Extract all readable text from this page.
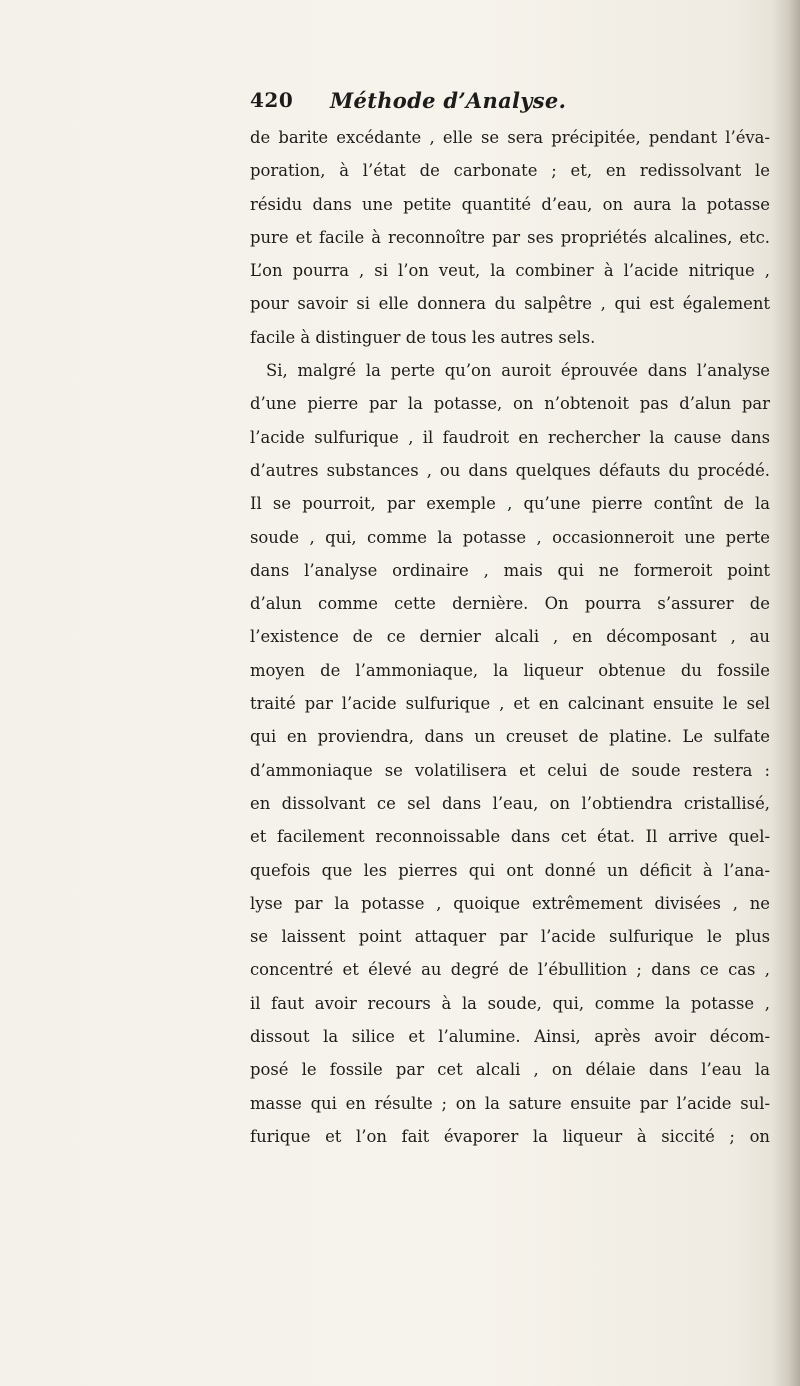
420 Méthode d’Analyse.
de barite excédante , elle se sera précipitée, pendant l’éva-
poration, à l’état de carbonate ; et, en redissolvant le
résidu dans une petite quantité d’eau, on aura la potasse
pure et facile à reconnoître par ses propriétés alcalines, etc.
L’on pourra , si l’on veut, la combiner à l’acide nitrique ,
pour savoir si elle donnera du salpêtre , qui est également
facile à distinguer de tous les autres sels.
Si, malgré la perte qu’on auroit éprouvée dans l’analyse
d’une pierre par la potasse, on n’obtenoit pas d’alun par
l’acide sulfurique , il faudroit en rechercher la cause dans
d’autres substances , ou dans quelques défauts du procédé.
Il se pourroit, par exemple , qu’une pierre contînt de la
soude , qui, comme la potasse , occasionneroit une perte
dans l’analyse ordinaire , mais qui ne formeroit point
d’alun comme cette dernière. On pourra s’assurer de
l’existence de ce dernier alcali , en décomposant , au
moyen de l’ammoniaque, la liqueur obtenue du fossile
traité par l’acide sulfurique , et en calcinant ensuite le sel
qui en proviendra, dans un creuset de platine. Le sulfate
d’ammoniaque se volatilisera et celui de soude restera :
en dissolvant ce sel dans l’eau, on l’obtiendra cristallisé,
et facilement reconnoissable dans cet état. Il arrive quel-
quefois que les pierres qui ont donné un déficit à l’ana-
lyse par la potasse , quoique extrêmement divisées , ne
se laissent point attaquer par l’acide sulfurique le plus
concentré et élevé au degré de l’ébullition ; dans ce cas ,
il faut avoir recours à la soude, qui, comme la potasse ,
dissout la silice et l’alumine. Ainsi, après avoir décom-
posé le fossile par cet alcali , on délaie dans l’eau la
masse qui en résulte ; on la sature ensuite par l’acide sul-
furique et l’on fait évaporer la liqueur à siccité ; on
